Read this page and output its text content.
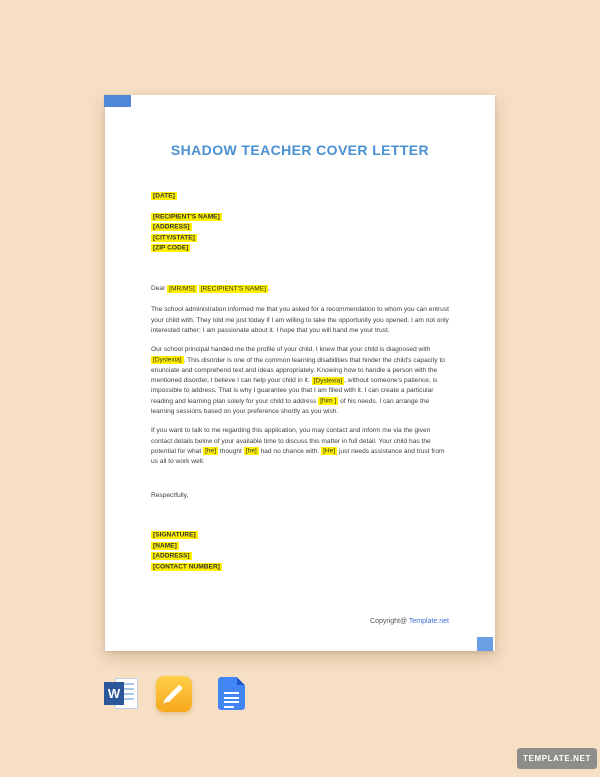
SHADOW TEACHER COVER LETTER
[DATE]
[RECIPIENT'S NAME]
[ADDRESS]
[CITY/STATE]
[ZIP CODE]

Dear [MR/MS] [RECIPIENT'S NAME] ,

The school administration informed me that you asked for a recommendation to whom you can entrust your child with. They told me just today if I am willing to take the opportunity you opened. I am not only interested rather; I am passionate about it. I hope that you will hand me your trust.

Our school principal handed me the profile of your child. I knew that your child is diagnosed with [Dyslexia] . This disorder is one of the common learning disabilities that hinder the child's capacity to enunciate and comprehend text and ideas appropriately. Knowing how to handle a person with the mentioned disorder, I believe I can help your child in it. [Dyslexia] , without someone's patience, is impossible to address. That is why I guarantee you that I am filled with it. I can create a particular reading and learning plan solely for your child to address [him ] of his needs. I can arrange the learning sessions based on your preference shortly as you wish.

If you want to talk to me regarding this application, you may contact and inform me via the given contact details below of your available time to discuss this matter in full detail. Your child has the potential for what [he] thought [he] had no chance with. [He] just needs assistance and trust from us all to work well.

Respectfully,

[SIGNATURE]
[NAME]
[ADDRESS]
[CONTACT NUMBER]
Copyright@ Template.net
W
TEMPLATE.NET
